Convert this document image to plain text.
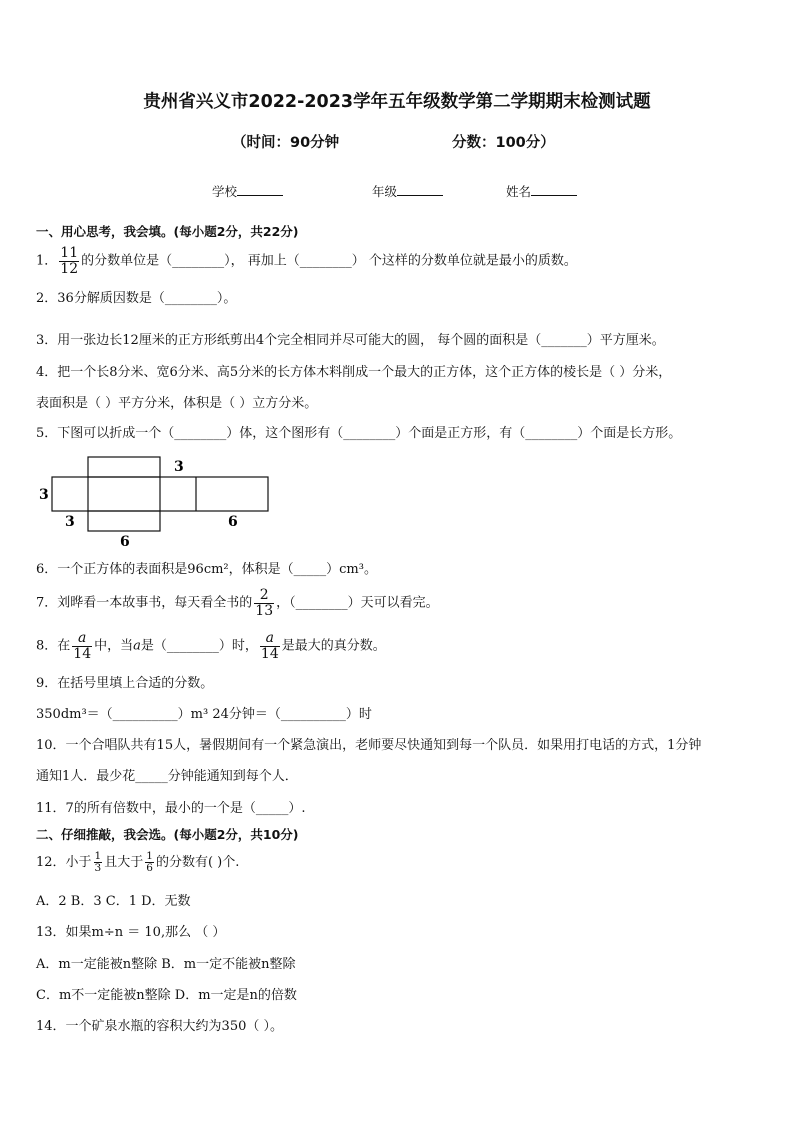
贵州省兴义市2022-2023学年五年级数学第二学期期末检测试题
（时间：90分钟	分数：100分）
学校	年级	姓名
一、用心思考，我会填。(每小题2分，共22分)
1． $\frac{11}{12}$ 的分数单位是（________）， 再加上（________） 个这样的分数单位就是最小的质数。
2．36分解质因数是（________）。
3．用一张边长12厘米的正方形纸剪出4个完全相同并尽可能大的圆， 每个圆的面积是（_______）平方厘米。
4．把一个长8分米、宽6分米、高5分米的长方体木料削成一个最大的正方体，这个正方体的棱长是（ ）分米，
表面积是（ ）平方分米，体积是（ ）立方分米。
5．下图可以折成一个（________）体，这个图形有（________）个面是正方形，有（________）个面是长方形。
3
3
3	6
6
6．一个正方体的表面积是96cm²，体积是（_____）cm³。
7．刘晔看一本故事书，每天看全书的 $\frac{2}{13}$ ，（________）天可以看完。
8．在 $\frac{a}{14}$ 中，当a是（________）时， $\frac{a}{14}$ 是最大的真分数。
9．在括号里填上合适的分数。
350dm³＝（__________）m³ 24分钟＝（__________）时
10．一个合唱队共有15人，暑假期间有一个紧急演出，老师要尽快通知到每一个队员．如果用打电话的方式，1分钟
通知1人．最少花_____分钟能通知到每个人．
11．7的所有倍数中，最小的一个是（_____）.
二、仔细推敲，我会选。(每小题2分，共10分)
12．小于 $\frac{1}{3}$ 且大于 $\frac{1}{6}$ 的分数有( )个.
A．2 B．3 C．1 D．无数
13．如果m÷n ＝ 10,那么 （ ）
A．m一定能被n整除 B．m一定不能被n整除
C．m不一定能被n整除 D．m一定是n的倍数
14．一个矿泉水瓶的容积大约为350（ ）。
